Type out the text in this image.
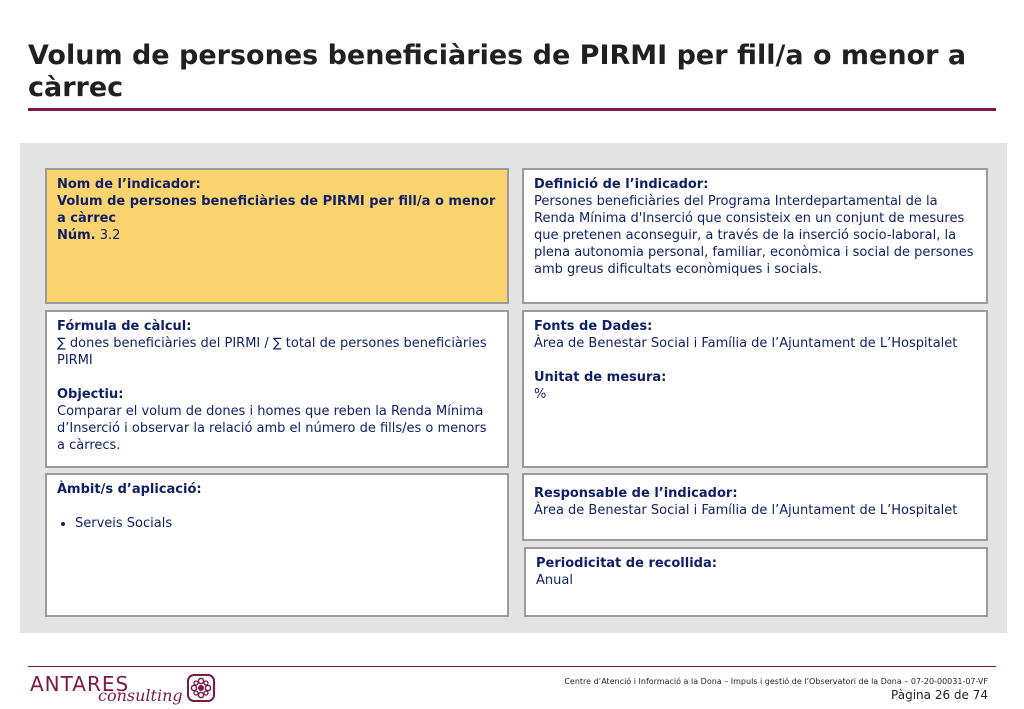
Volum de persones beneficiàries de PIRMI per fill/a o menor a càrrec
Nom de l’indicador:
Volum de persones beneficiàries de PIRMI per fill/a o menor a càrrec
Núm. 3.2
Definició de l’indicador:
Persones beneficiàries del Programa Interdepartamental de la Renda Mínima d'Inserció que consisteix en un conjunt de mesures que pretenen aconseguir, a través de la inserció socio-laboral, la plena autonomia personal, familiar, econòmica i social de persones amb greus dificultats econòmiques i socials.
Fórmula de càlcul:
∑ dones beneficiàries del PIRMI / ∑ total de persones beneficiàries PIRMI
Objectiu:
Comparar el volum de dones i homes que reben la Renda Mínima d’Inserció i observar la relació amb el número de fills/es o menors a càrrecs.
Fonts de Dades:
Àrea de Benestar Social i Família de l’Ajuntament de L’Hospitalet
Unitat de mesura:
%
Àmbit/s d’aplicació:
• Serveis Socials
Responsable de l’indicador:
Àrea de Benestar Social i Família de l’Ajuntament de L’Hospitalet
Periodicitat de recollida:
Anual
ANTARES
consulting
Centre d’Atenció i Informació a la Dona – Impuls i gestió de l’Observatori de la Dona – 07-20-00031-07-VF
Pàgina 26 de 74
